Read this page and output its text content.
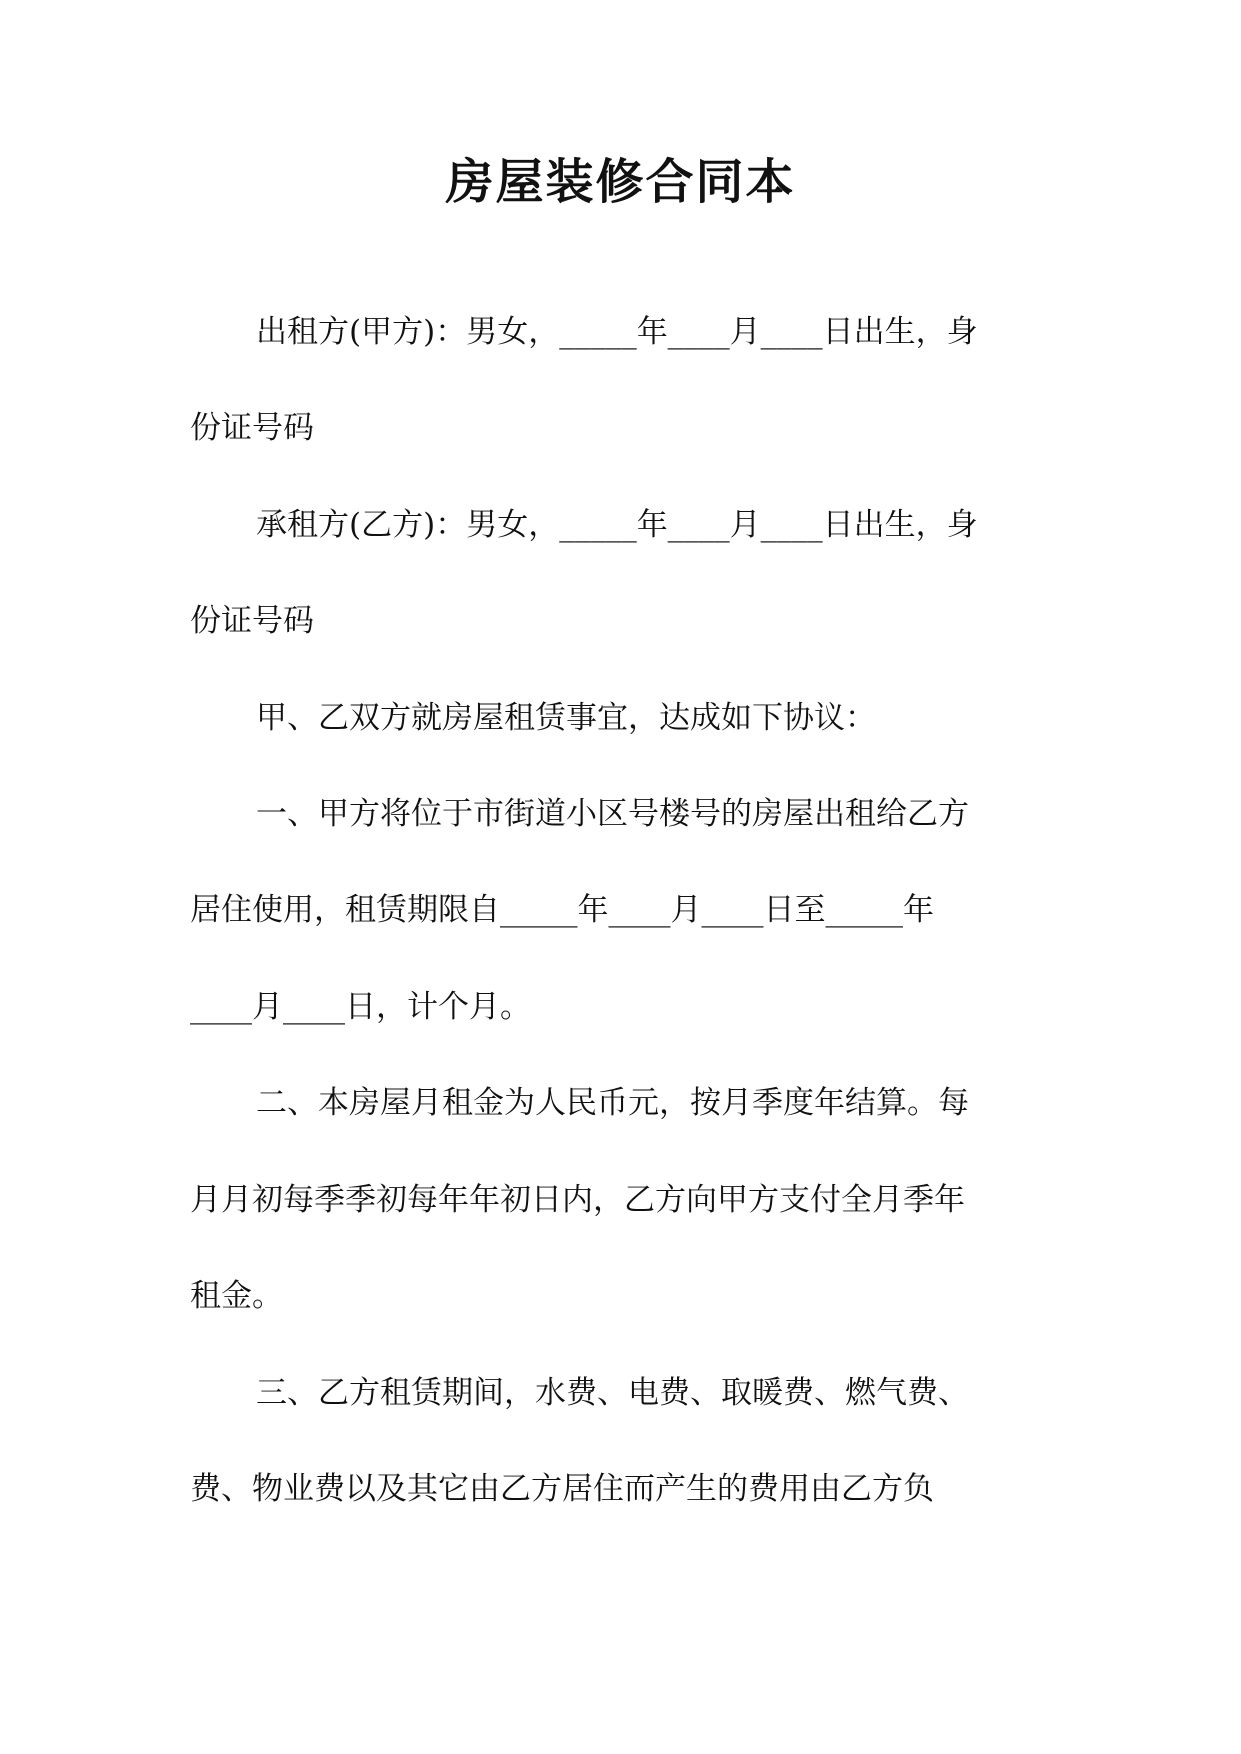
房屋装修合同本

出租方(甲方)：男女，_____年____月____日出生，身

份证号码

承租方(乙方)：男女，_____年____月____日出生，身

份证号码

甲、乙双方就房屋租赁事宜，达成如下协议：

一、甲方将位于市街道小区号楼号的房屋出租给乙方

居住使用，租赁期限自_____年____月____日至_____年

____月____日，计个月。

二、本房屋月租金为人民币元，按月季度年结算。每

月月初每季季初每年年初日内，乙方向甲方支付全月季年

租金。

三、乙方租赁期间，水费、电费、取暖费、燃气费、

费、物业费以及其它由乙方居住而产生的费用由乙方负
